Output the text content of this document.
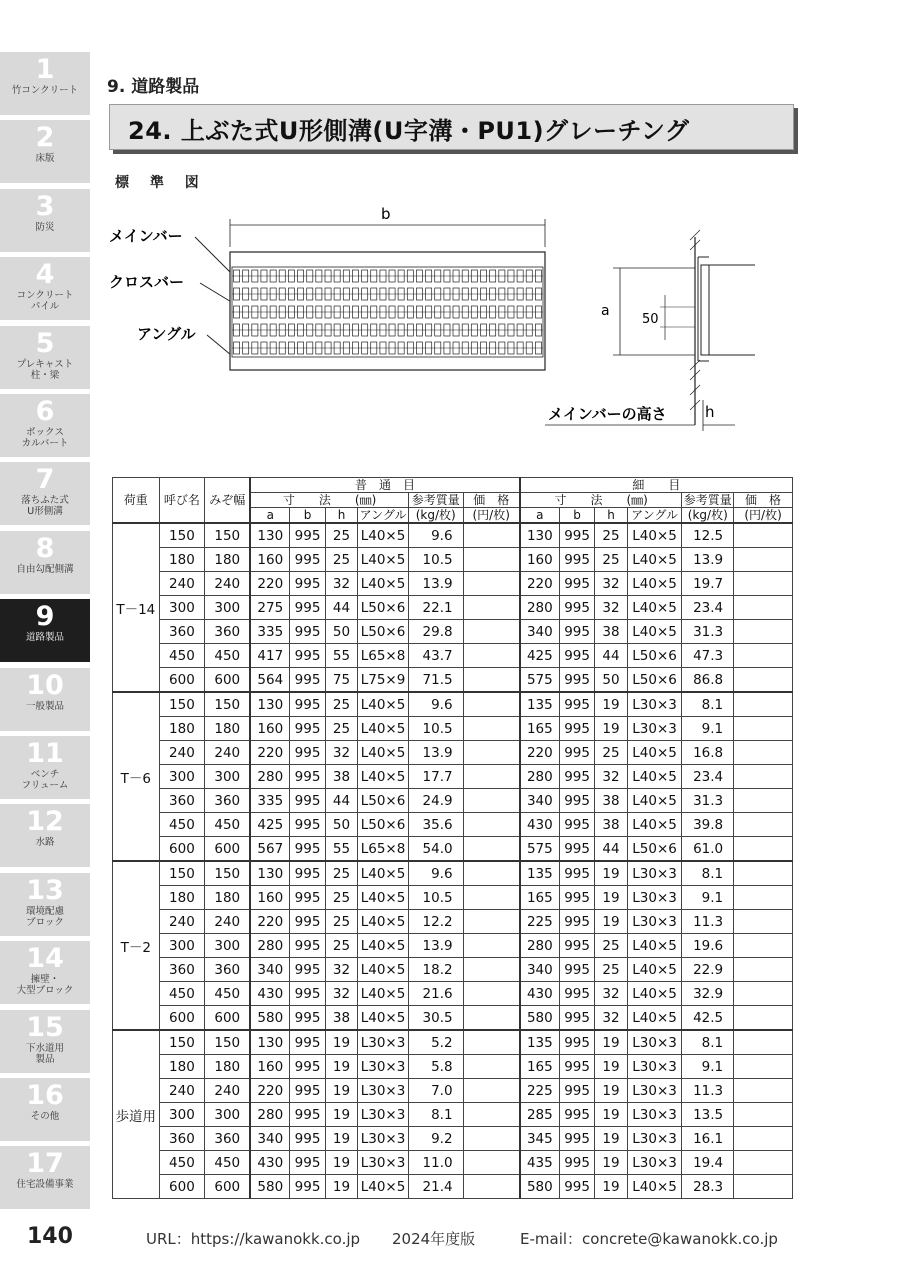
1
竹コンクリート
2
床版
3
防災
4
コンクリート
パイル
5
プレキャスト
柱・梁
6
ボックス
カルバート
7
落ちふた式
U形側溝
8
自由勾配側溝
9
道路製品
10
一般製品
11
ベンチ
フリューム
12
水路
13
環境配慮
ブロック
14
擁壁・
大型ブロック
15
下水道用
製品
16
その他
17
住宅設備事業
9. 道路製品
24. 上ぶた式U形側溝(U字溝・PU1)グレーチング
標 準 図
メインバー
クロスバー
アングル
b
a
50
メインバーの高さ	h
荷重	呼び名	みぞ幅	普　通　目						細　　目					
			寸　　法　　(㎜)				参考質量	価　格	寸　　法　　(㎜)				参考質量	価　格
			a	b	h	アングル	(kg/枚)	(円/枚)	a	b	h	アングル	(kg/枚)	(円/枚)
T－14	150	150	130	995	25	L40×5	9.6		130	995	25	L40×5	12.5	
	180	180	160	995	25	L40×5	10.5		160	995	25	L40×5	13.9	
	240	240	220	995	32	L40×5	13.9		220	995	32	L40×5	19.7	
	300	300	275	995	44	L50×6	22.1		280	995	32	L40×5	23.4	
	360	360	335	995	50	L50×6	29.8		340	995	38	L40×5	31.3	
	450	450	417	995	55	L65×8	43.7		425	995	44	L50×6	47.3	
	600	600	564	995	75	L75×9	71.5		575	995	50	L50×6	86.8	
T－6	150	150	130	995	25	L40×5	9.6		135	995	19	L30×3	8.1	
	180	180	160	995	25	L40×5	10.5		165	995	19	L30×3	9.1	
	240	240	220	995	32	L40×5	13.9		220	995	25	L40×5	16.8	
	300	300	280	995	38	L40×5	17.7		280	995	32	L40×5	23.4	
	360	360	335	995	44	L50×6	24.9		340	995	38	L40×5	31.3	
	450	450	425	995	50	L50×6	35.6		430	995	38	L40×5	39.8	
	600	600	567	995	55	L65×8	54.0		575	995	44	L50×6	61.0	
T－2	150	150	130	995	25	L40×5	9.6		135	995	19	L30×3	8.1	
	180	180	160	995	25	L40×5	10.5		165	995	19	L30×3	9.1	
	240	240	220	995	25	L40×5	12.2		225	995	19	L30×3	11.3	
	300	300	280	995	25	L40×5	13.9		280	995	25	L40×5	19.6	
	360	360	340	995	32	L40×5	18.2		340	995	25	L40×5	22.9	
	450	450	430	995	32	L40×5	21.6		430	995	32	L40×5	32.9	
	600	600	580	995	38	L40×5	30.5		580	995	32	L40×5	42.5	
歩道用	150	150	130	995	19	L30×3	5.2		135	995	19	L30×3	8.1	
	180	180	160	995	19	L30×3	5.8		165	995	19	L30×3	9.1	
	240	240	220	995	19	L30×3	7.0		225	995	19	L30×3	11.3	
	300	300	280	995	19	L30×3	8.1		285	995	19	L30×3	13.5	
	360	360	340	995	19	L30×3	9.2		345	995	19	L30×3	16.1	
	450	450	430	995	19	L30×3	11.0		435	995	19	L30×3	19.4	
	600	600	580	995	19	L40×5	21.4		580	995	19	L40×5	28.3	
140	URL：https://kawanokk.co.jp 2024年度版	E-mail：concrete@kawanokk.co.jp
